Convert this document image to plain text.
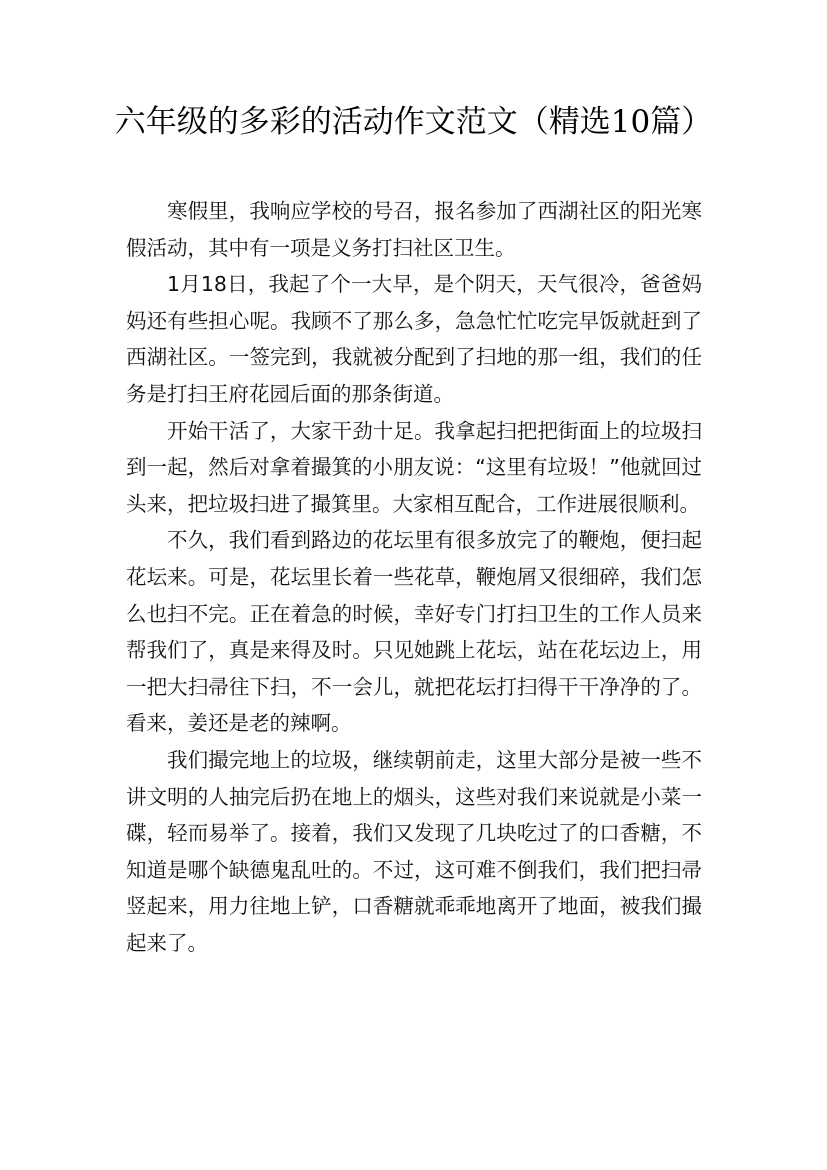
六年级的多彩的活动作文范文（精选10篇）

寒假里，我响应学校的号召，报名参加了西湖社区的阳光寒假活动，其中有一项是义务打扫社区卫生。

1月18日，我起了个一大早，是个阴天，天气很冷，爸爸妈妈还有些担心呢。我顾不了那么多，急急忙忙吃完早饭就赶到了西湖社区。一签完到，我就被分配到了扫地的那一组，我们的任务是打扫王府花园后面的那条街道。

开始干活了，大家干劲十足。我拿起扫把把街面上的垃圾扫到一起，然后对拿着撮箕的小朋友说：“这里有垃圾！”他就回过头来，把垃圾扫进了撮箕里。大家相互配合，工作进展很顺利。

不久，我们看到路边的花坛里有很多放完了的鞭炮，便扫起花坛来。可是，花坛里长着一些花草，鞭炮屑又很细碎，我们怎么也扫不完。正在着急的时候，幸好专门打扫卫生的工作人员来帮我们了，真是来得及时。只见她跳上花坛，站在花坛边上，用一把大扫帚往下扫，不一会儿，就把花坛打扫得干干净净的了。看来，姜还是老的辣啊。

我们撮完地上的垃圾，继续朝前走，这里大部分是被一些不讲文明的人抽完后扔在地上的烟头，这些对我们来说就是小菜一碟，轻而易举了。接着，我们又发现了几块吃过了的口香糖，不知道是哪个缺德鬼乱吐的。不过，这可难不倒我们，我们把扫帚竖起来，用力往地上铲，口香糖就乖乖地离开了地面，被我们撮起来了。
